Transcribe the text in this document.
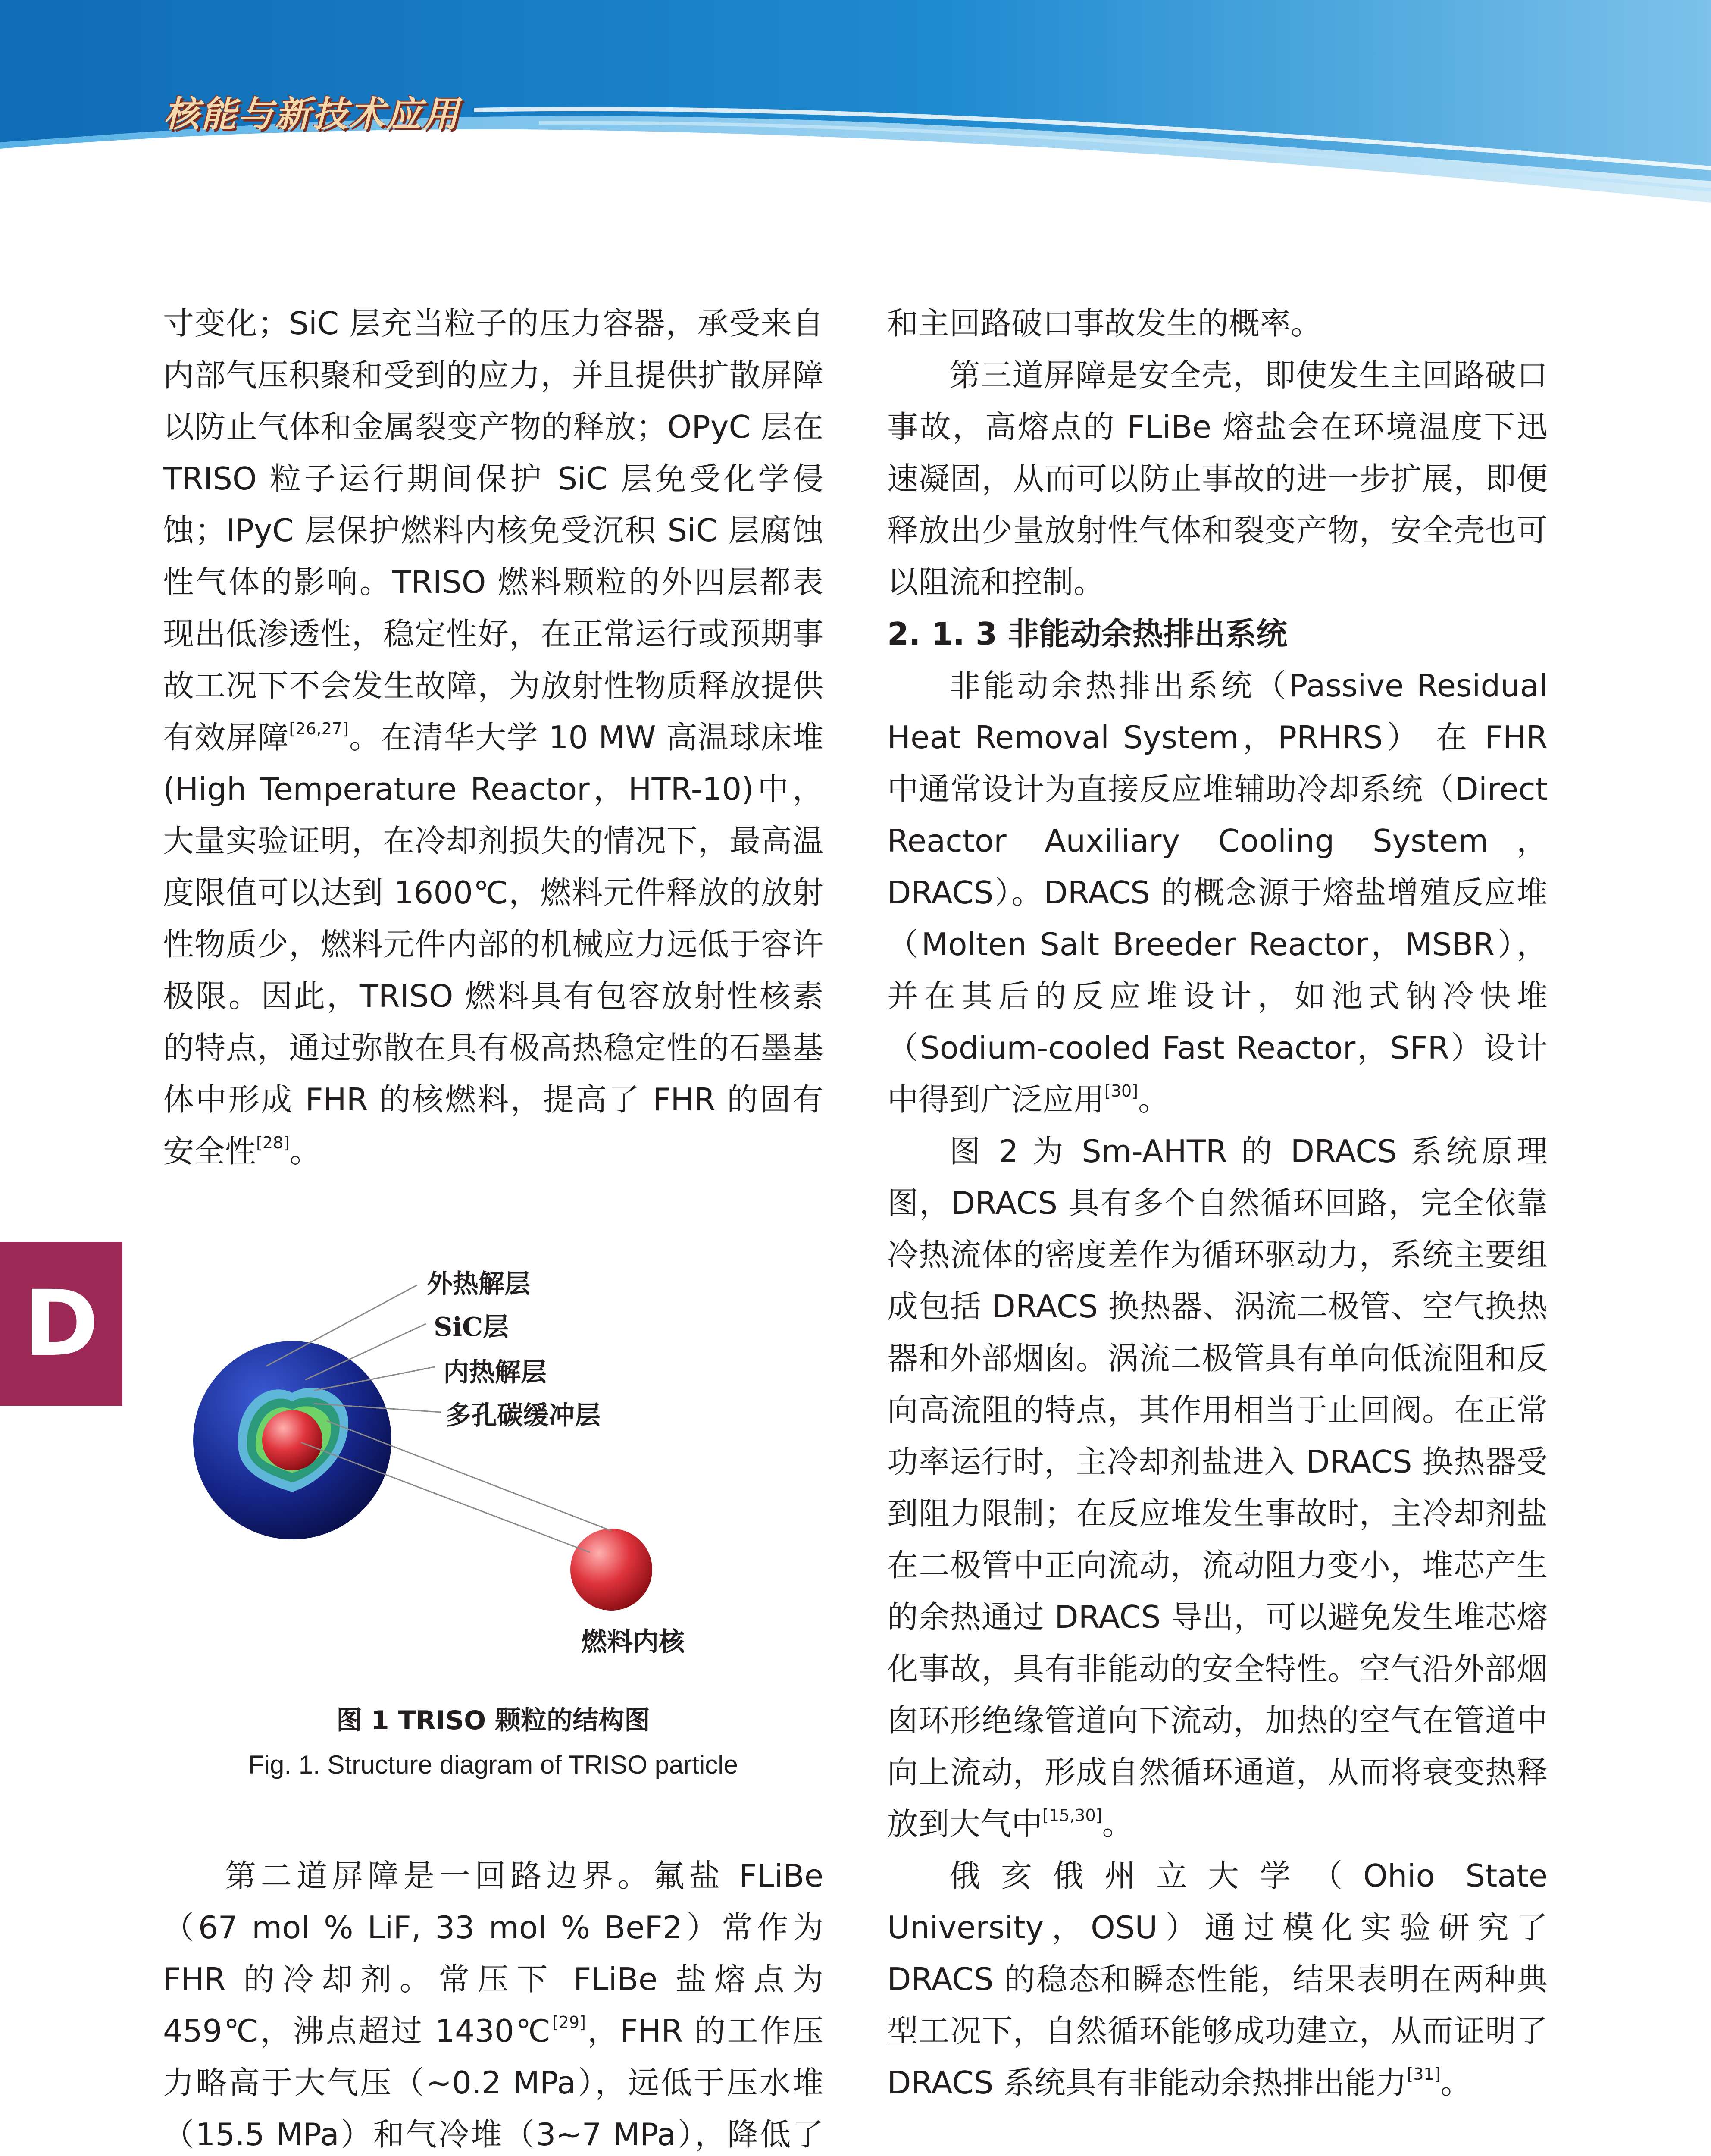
核能与新技术应用

寸变化；SiC 层充当粒子的压力容器，承受来自内部气压积聚和受到的应力，并且提供扩散屏障以防止气体和金属裂变产物的释放；OPyC 层在 TRISO 粒子运行期间保护 SiC 层免受化学侵蚀；IPyC 层保护燃料内核免受沉积 SiC 层腐蚀性气体的影响。TRISO 燃料颗粒的外四层都表现出低渗透性，稳定性好，在正常运行或预期事故工况下不会发生故障，为放射性物质释放提供有效屏障[26,27]。在清华大学 10 MW 高温球床堆(High Temperature Reactor，HTR-10)中，大量实验证明，在冷却剂损失的情况下，最高温度限值可以达到 1600℃，燃料元件释放的放射性物质少，燃料元件内部的机械应力远低于容许极限。因此，TRISO 燃料具有包容放射性核素的特点，通过弥散在具有极高热稳定性的石墨基体中形成 FHR 的核燃料，提高了 FHR 的固有安全性[28]。

D	外热解层
SiC层
内热解层
多孔碳缓冲层
燃料内核
图 1 TRISO 颗粒的结构图
Fig. 1. Structure diagram of TRISO particle

第二道屏障是一回路边界。氟盐 FLiBe（67 mol % LiF, 33 mol % BeF2）常作为 FHR 的冷却剂。常压下 FLiBe 盐熔点为 459℃，沸点超过 1430℃[29]，FHR 的工作压力略高于大气压（~0.2 MPa），远低于压水堆（15.5 MPa）和气冷堆（3~7 MPa），降低了

和主回路破口事故发生的概率。

第三道屏障是安全壳，即使发生主回路破口事故，高熔点的 FLiBe 熔盐会在环境温度下迅速凝固，从而可以防止事故的进一步扩展，即便释放出少量放射性气体和裂变产物，安全壳也可以阻流和控制。

2. 1. 3 非能动余热排出系统

非能动余热排出系统（Passive Residual Heat Removal System，PRHRS） 在 FHR 中通常设计为直接反应堆辅助冷却系统（Direct Reactor Auxiliary Cooling System，DRACS）。DRACS 的概念源于熔盐增殖反应堆（Molten Salt Breeder Reactor，MSBR），并在其后的反应堆设计，如池式钠冷快堆（Sodium-cooled Fast Reactor，SFR）设计中得到广泛应用[30]。

图 2 为 Sm-AHTR 的 DRACS 系统原理图，DRACS 具有多个自然循环回路，完全依靠冷热流体的密度差作为循环驱动力，系统主要组成包括 DRACS 换热器、涡流二极管、空气换热器和外部烟囱。涡流二极管具有单向低流阻和反向高流阻的特点，其作用相当于止回阀。在正常功率运行时，主冷却剂盐进入 DRACS 换热器受到阻力限制；在反应堆发生事故时，主冷却剂盐在二极管中正向流动，流动阻力变小，堆芯产生的余热通过 DRACS 导出，可以避免发生堆芯熔化事故，具有非能动的安全特性。空气沿外部烟囱环形绝缘管道向下流动，加热的空气在管道中向上流动，形成自然循环通道，从而将衰变热释放到大气中[15,30]。

俄亥俄州立大学（Ohio State University，OSU）通过模化实验研究了 DRACS 的稳态和瞬态性能，结果表明在两种典型工况下，自然循环能够成功建立，从而证明了 DRACS 系统具有非能动余热排出能力[31]。
